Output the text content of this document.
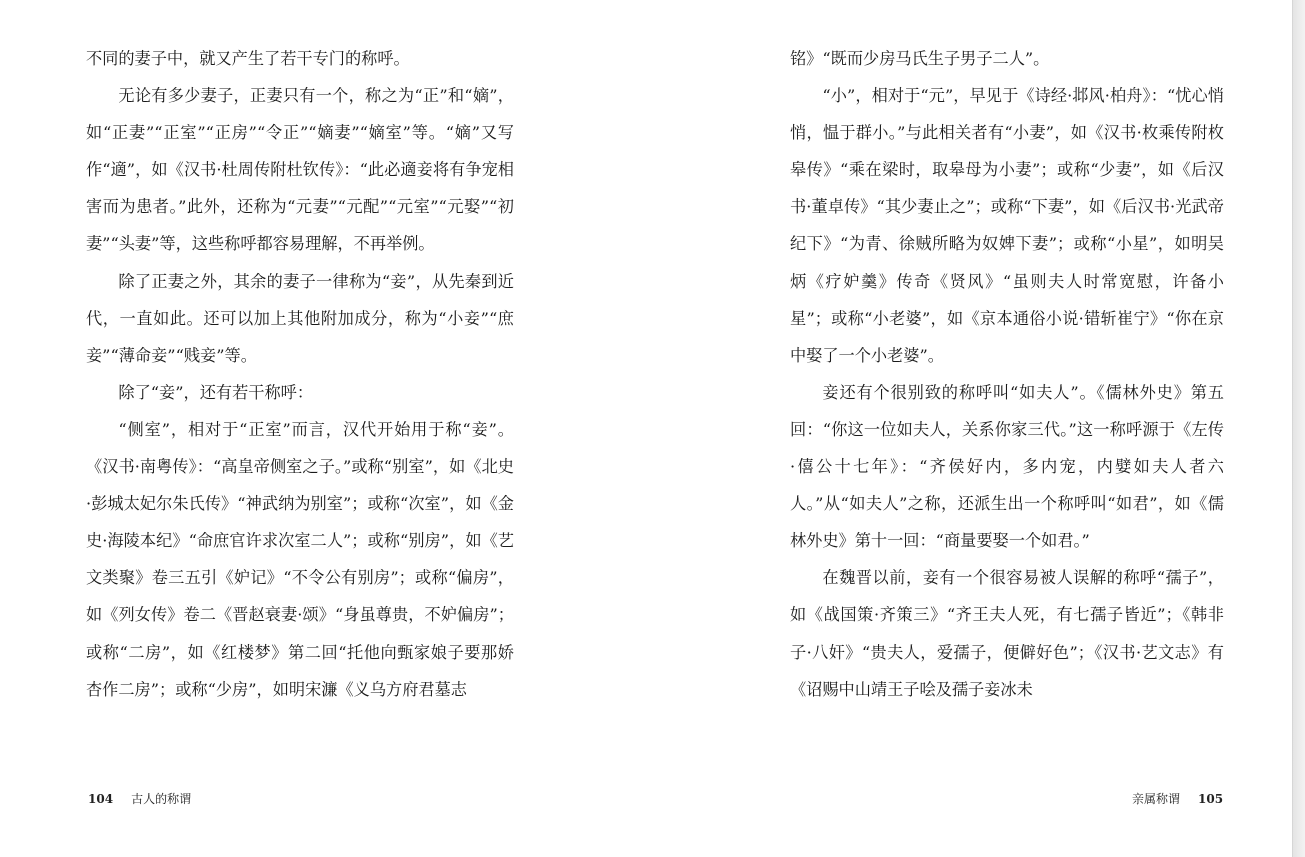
不同的妻子中，就又产生了若干专门的称呼。

无论有多少妻子，正妻只有一个，称之为“正”和“嫡”，如“正妻”“正室”“正房”“令正”“嫡妻”“嫡室”等。“嫡”又写作“適”，如《汉书·杜周传附杜钦传》：“此必適妾将有争宠相害而为患者。”此外，还称为“元妻”“元配”“元室”“元娶”“初妻”“头妻”等，这些称呼都容易理解，不再举例。

除了正妻之外，其余的妻子一律称为“妾”，从先秦到近代，一直如此。还可以加上其他附加成分，称为“小妾”“庶妾”“薄命妾”“贱妾”等。

除了“妾”，还有若干称呼：

“侧室”，相对于“正室”而言，汉代开始用于称“妾”。《汉书·南粤传》：“高皇帝侧室之子。”或称“别室”，如《北史·彭城太妃尔朱氏传》“神武纳为别室”；或称“次室”，如《金史·海陵本纪》“命庶官许求次室二人”；或称“别房”，如《艺文类聚》卷三五引《妒记》“不令公有别房”；或称“偏房”，如《列女传》卷二《晋赵衰妻·颂》“身虽尊贵，不妒偏房”；或称“二房”，如《红楼梦》第二回“托他向甄家娘子要那娇杏作二房”；或称“少房”，如明宋濂《义乌方府君墓志

104 古人的称谓

铭》“既而少房马氏生子男子二人”。

“小”，相对于“元”，早见于《诗经·邶风·柏舟》：“忧心悄悄，愠于群小。”与此相关者有“小妻”，如《汉书·枚乘传附枚皋传》“乘在梁时，取皋母为小妻”；或称“少妻”，如《后汉书·董卓传》“其少妻止之”；或称“下妻”，如《后汉书·光武帝纪下》“为青、徐贼所略为奴婢下妻”；或称“小星”，如明吴炳《疗妒羹》传奇《贤风》“虽则夫人时常宽慰，许备小星”；或称“小老婆”，如《京本通俗小说·错斩崔宁》“你在京中娶了一个小老婆”。

妾还有个很别致的称呼叫“如夫人”。《儒林外史》第五回：“你这一位如夫人，关系你家三代。”这一称呼源于《左传·僖公十七年》：“齐侯好内，多内宠，内嬖如夫人者六人。”从“如夫人”之称，还派生出一个称呼叫“如君”，如《儒林外史》第十一回：“商量要娶一个如君。”

在魏晋以前，妾有一个很容易被人误解的称呼“孺子”，如《战国策·齐策三》“齐王夫人死，有七孺子皆近”；《韩非子·八奸》“贵夫人，爱孺子，便僻好色”；《汉书·艺文志》有《诏赐中山靖王子哙及孺子妾冰未

亲属称谓 105
